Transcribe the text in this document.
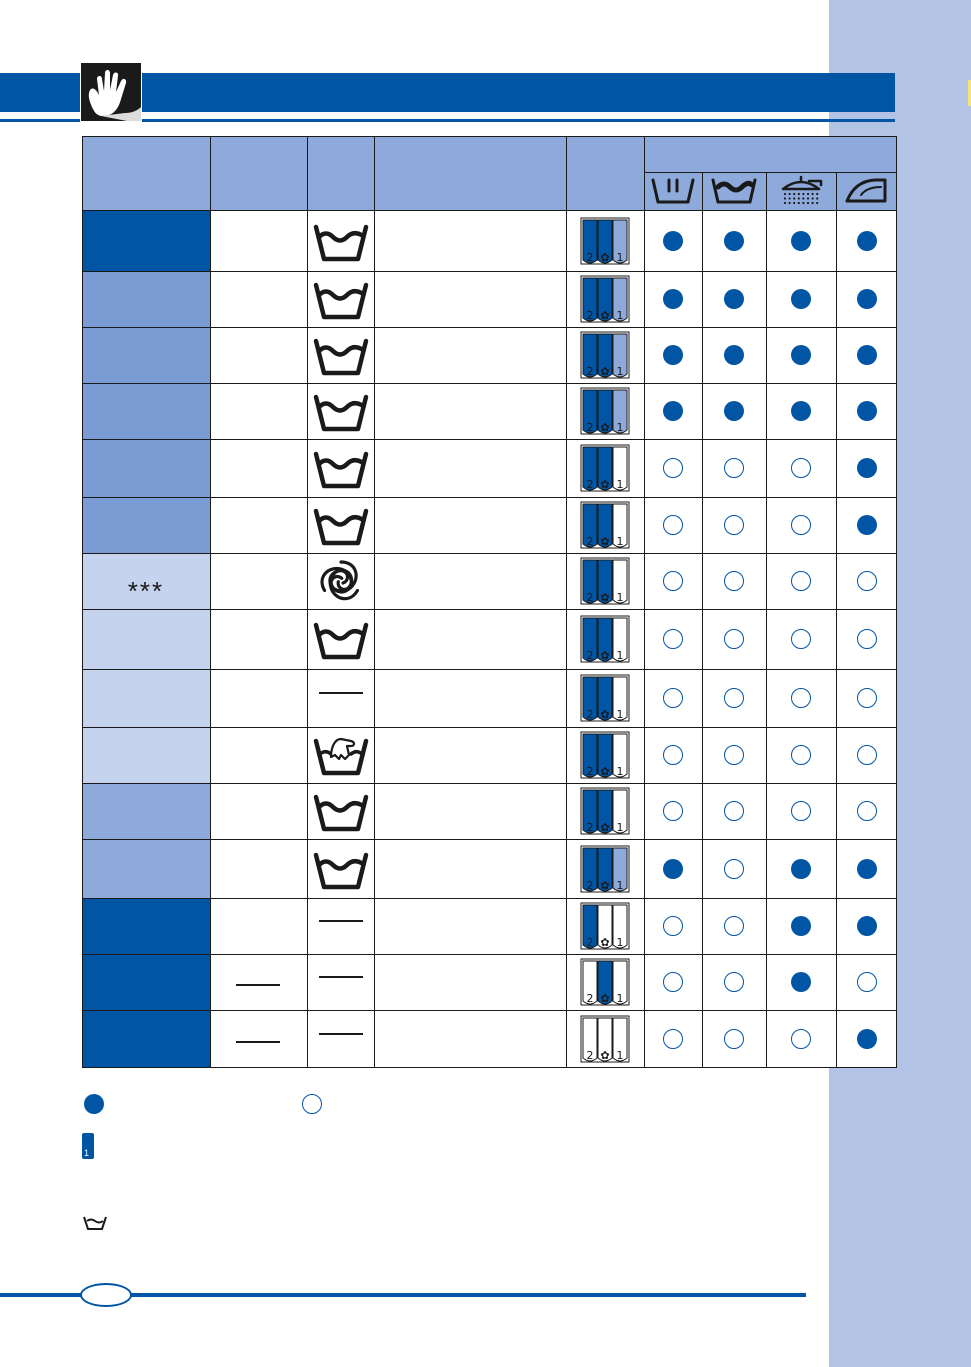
2 ✿ 1
2 ✿ 1
2 ✿ 1
2 ✿ 1
2 ✿ 1
2 ✿ 1
***	2 ✿ 1
2 ✿ 1
2 ✿ 1
2 ✿ 1
2 ✿ 1
2 ✿ 1
2 ✿ 1
2 ✿ 1
2 ✿ 1
1
